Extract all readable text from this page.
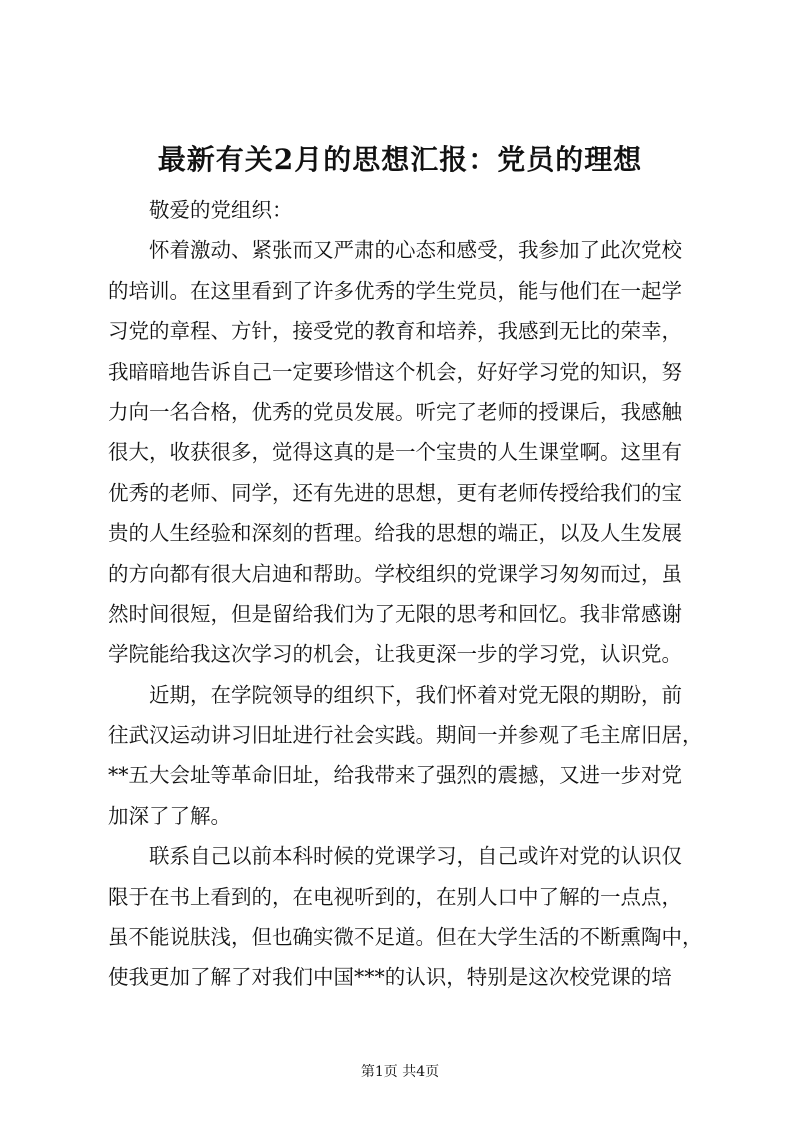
最新有关2月的思想汇报：党员的理想
敬爱的党组织：
怀着激动、紧张而又严肃的心态和感受，我参加了此次党校
的培训。在这里看到了许多优秀的学生党员，能与他们在一起学
习党的章程、方针，接受党的教育和培养，我感到无比的荣幸，
我暗暗地告诉自己一定要珍惜这个机会，好好学习党的知识，努
力向一名合格，优秀的党员发展。听完了老师的授课后，我感触
很大，收获很多，觉得这真的是一个宝贵的人生课堂啊。这里有
优秀的老师、同学，还有先进的思想，更有老师传授给我们的宝
贵的人生经验和深刻的哲理。给我的思想的端正，以及人生发展
的方向都有很大启迪和帮助。学校组织的党课学习匆匆而过，虽
然时间很短，但是留给我们为了无限的思考和回忆。我非常感谢
学院能给我这次学习的机会，让我更深一步的学习党，认识党。
近期，在学院领导的组织下，我们怀着对党无限的期盼，前
往武汉运动讲习旧址进行社会实践。期间一并参观了毛主席旧居，
**五大会址等革命旧址，给我带来了强烈的震撼，又进一步对党
加深了了解。
联系自己以前本科时候的党课学习，自己或许对党的认识仅
限于在书上看到的，在电视听到的，在别人口中了解的一点点，
虽不能说肤浅，但也确实微不足道。但在大学生活的不断熏陶中，
使我更加了解了对我们中国***的认识，特别是这次校党课的培
第1页 共4页
